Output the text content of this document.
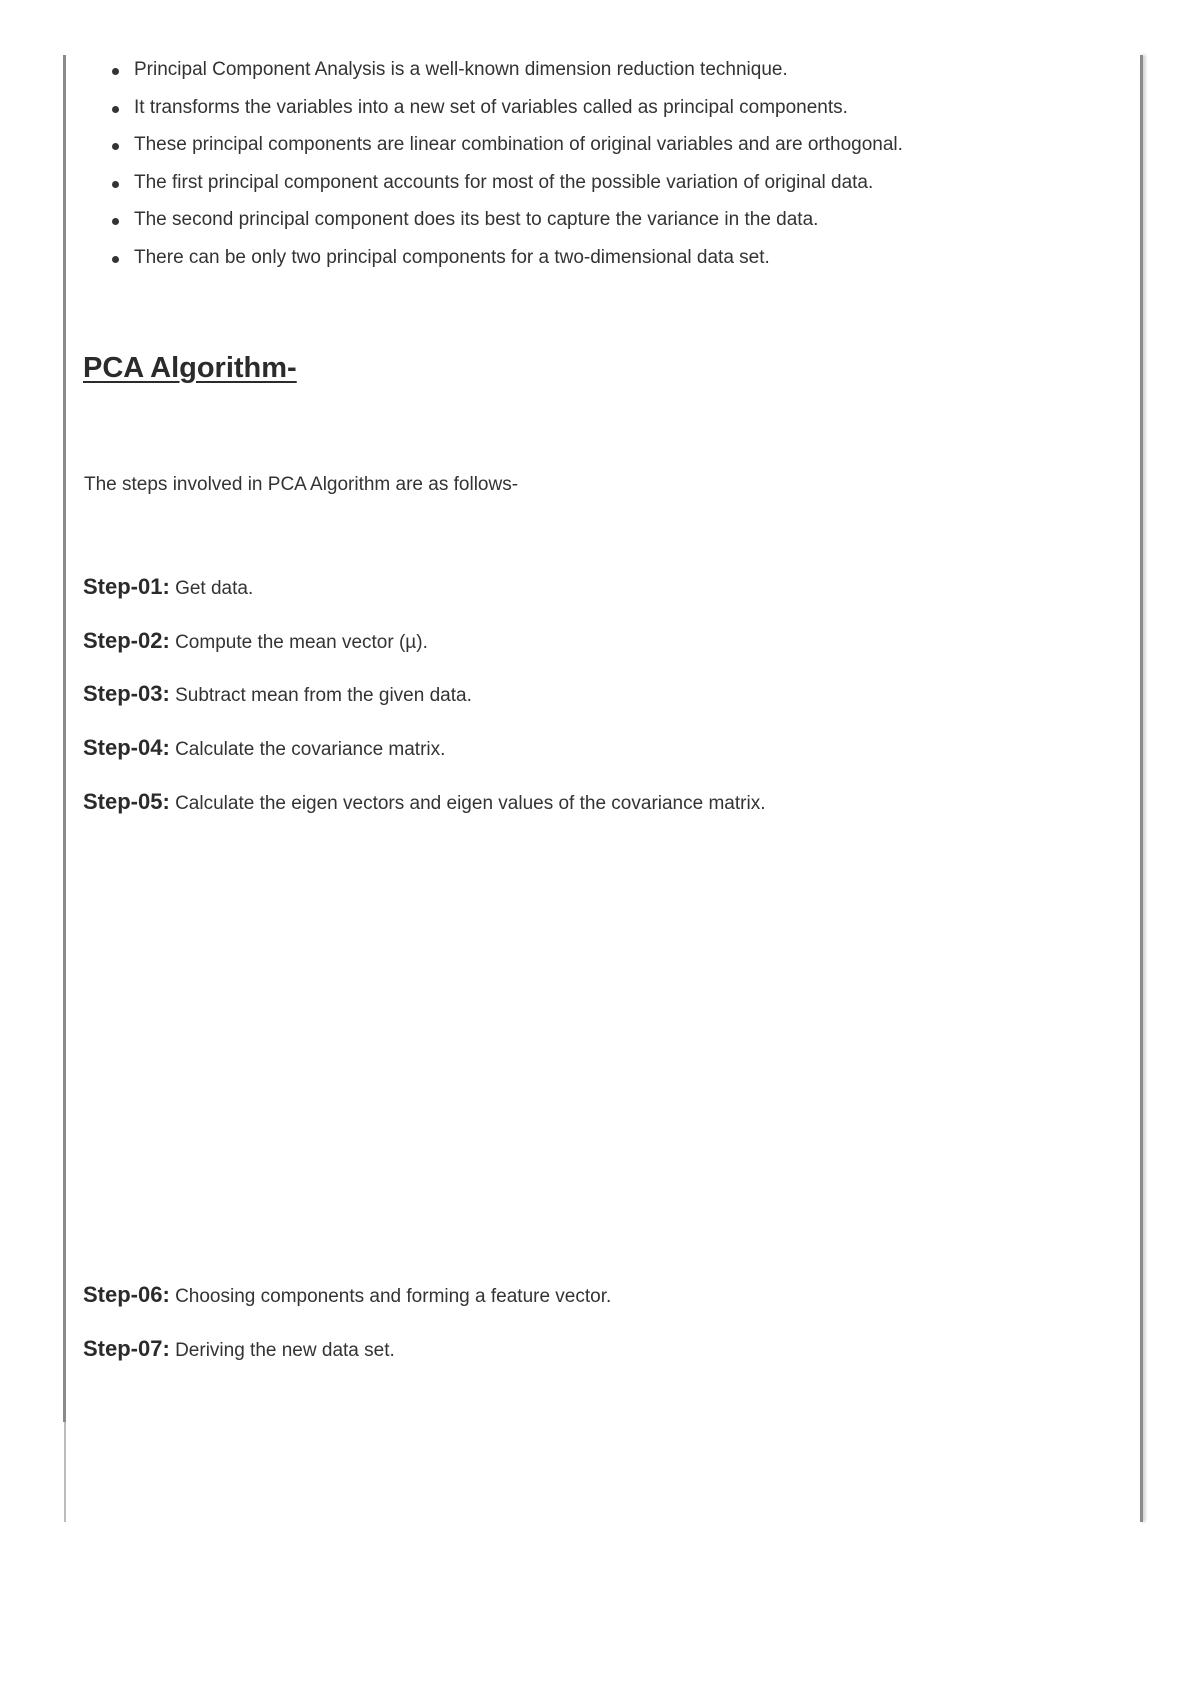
Principal Component Analysis is a well-known dimension reduction technique.
It transforms the variables into a new set of variables called as principal components.
These principal components are linear combination of original variables and are orthogonal.
The first principal component accounts for most of the possible variation of original data.
The second principal component does its best to capture the variance in the data.
There can be only two principal components for a two-dimensional data set.
PCA Algorithm-

The steps involved in PCA Algorithm are as follows-

Step-01: Get data.

Step-02: Compute the mean vector (µ).

Step-03: Subtract mean from the given data.

Step-04: Calculate the covariance matrix.

Step-05: Calculate the eigen vectors and eigen values of the covariance matrix.

Step-06: Choosing components and forming a feature vector.

Step-07: Deriving the new data set.
